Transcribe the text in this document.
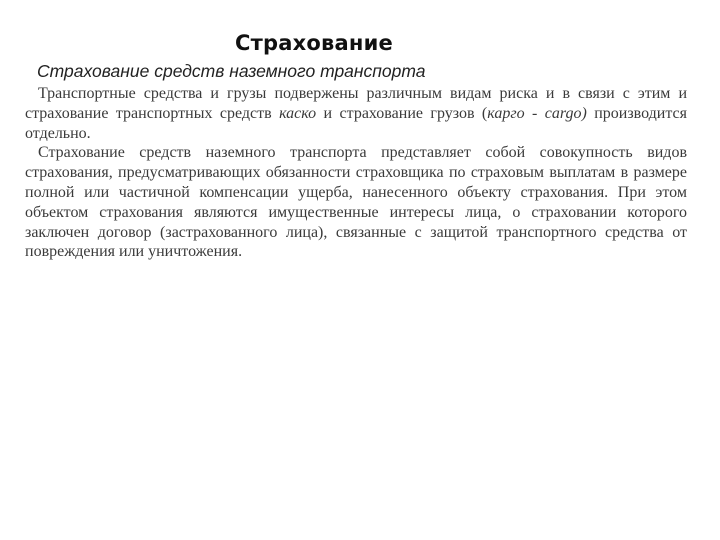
Страхование
Страхование средств наземного транспорта

Транспортные средства и грузы подвержены различным видам риска и в связи с этим и страхование транспортных средств каско и страхование грузов (карго - cargo) производится отдельно.

Страхование средств наземного транспорта представляет собой совокупность видов страхования, предусматривающих обязанности страховщика по страховым выплатам в размере полной или частичной компенсации ущерба, нанесенного объекту страхования. При этом объектом страхования являются имущественные интересы лица, о страховании которого заключен договор (застрахованного лица), связанные с защитой транспортного средства от повреждения или уничтожения.
